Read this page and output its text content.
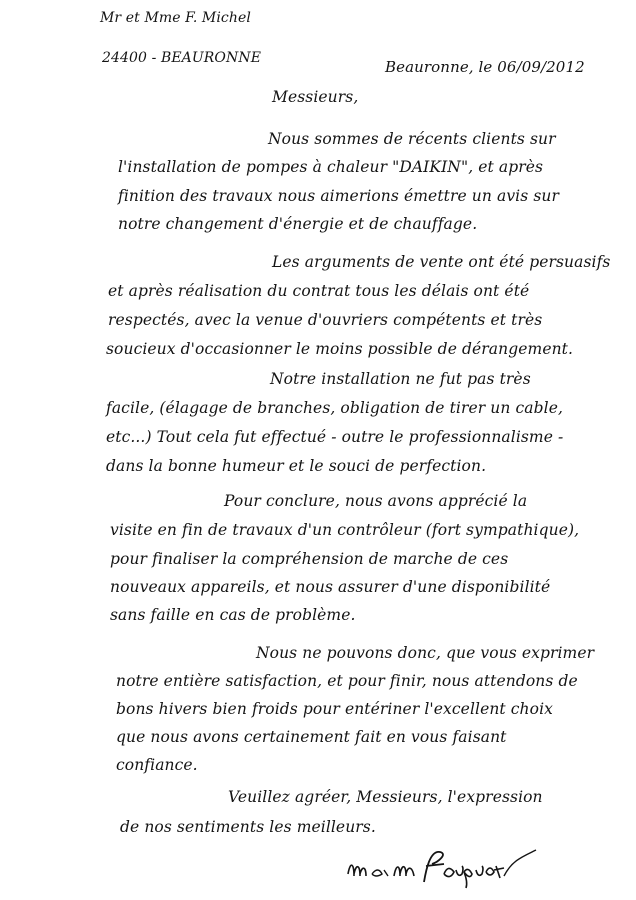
Mr et Mme F. Michel
24400 - BEAURONNE	Beauronne, le 06/09/2012
Messieurs,
Nous sommes de récents clients sur
l'installation de pompes à chaleur "DAIKIN", et après
finition des travaux nous aimerions émettre un avis sur
notre changement d'énergie et de chauffage.
Les arguments de vente ont été persuasifs
et après réalisation du contrat tous les délais ont été
respectés, avec la venue d'ouvriers compétents et très
soucieux d'occasionner le moins possible de dérangement.
Notre installation ne fut pas très
facile, (élagage de branches, obligation de tirer un cable,
etc...) Tout cela fut effectué - outre le professionnalisme -
dans la bonne humeur et le souci de perfection.
Pour conclure, nous avons apprécié la
visite en fin de travaux d'un contrôleur (fort sympathique),
pour finaliser la compréhension de marche de ces
nouveaux appareils, et nous assurer d'une disponibilité
sans faille en cas de problème.
Nous ne pouvons donc, que vous exprimer
notre entière satisfaction, et pour finir, nous attendons de
bons hivers bien froids pour entériner l'excellent choix
que nous avons certainement fait en vous faisant
confiance.
Veuillez agréer, Messieurs, l'expression
de nos sentiments les meilleurs.
